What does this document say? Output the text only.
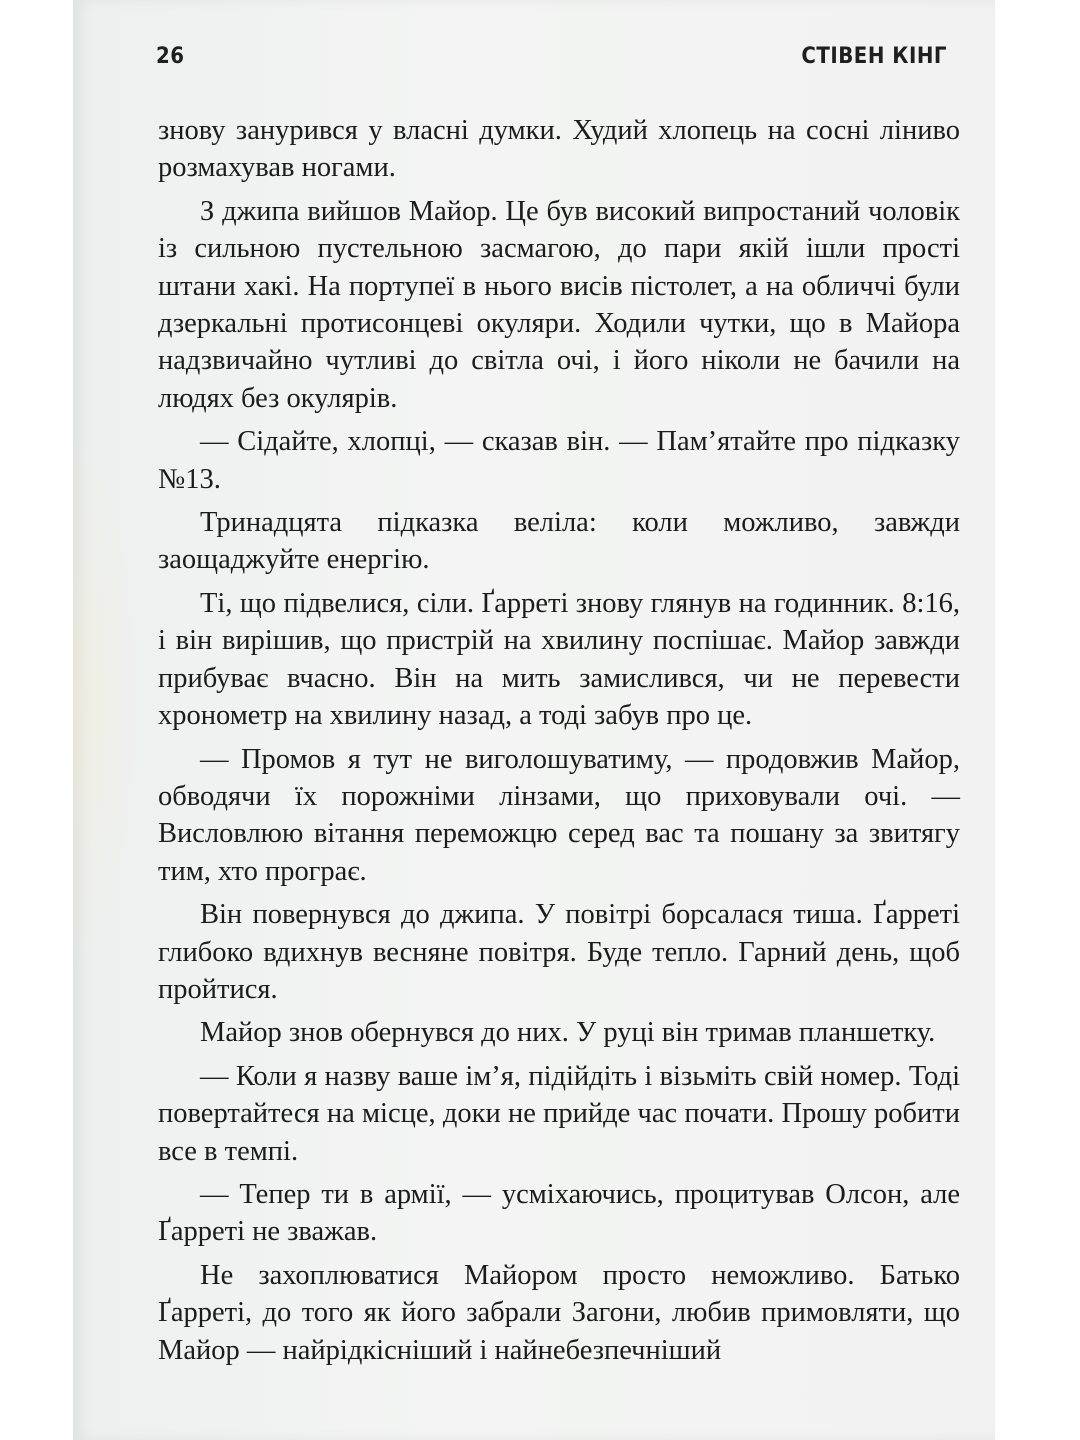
26	СТІВЕН КІНГ

знову занурився у власні думки. Худий хлопець на сосні ліниво розмахував ногами.

З джипа вийшов Майор. Це був високий випростаний чоловік із сильною пустельною засмагою, до пари якій ішли прості штани хакі. На портупеї в нього висів пістолет, а на обличчі були дзеркальні протисонцеві окуляри. Ходили чутки, що в Майора надзвичайно чутливі до світла очі, і його ніколи не бачили на людях без окулярів.

— Сідайте, хлопці, — сказав він. — Пам’ятайте про підказку №13.

Тринадцята підказка веліла: коли можливо, завжди заощаджуйте енергію.

Ті, що підвелися, сіли. Ґарреті знову глянув на годинник. 8:16, і він вирішив, що пристрій на хвилину поспішає. Майор завжди прибуває вчасно. Він на мить замислився, чи не перевести хронометр на хвилину назад, а тоді забув про це.

— Промов я тут не виголошуватиму, — продовжив Майор, обводячи їх порожніми лінзами, що приховували очі. — Висловлюю вітання переможцю серед вас та пошану за звитягу тим, хто програє.

Він повернувся до джипа. У повітрі борсалася тиша. Ґарреті глибоко вдихнув весняне повітря. Буде тепло. Гарний день, щоб пройтися.

Майор знов обернувся до них. У руці він тримав планшетку.

— Коли я назву ваше ім’я, підійдіть і візьміть свій номер. Тоді повертайтеся на місце, доки не прийде час почати. Прошу робити все в темпі.

— Тепер ти в армії, — усміхаючись, процитував Олсон, але Ґарреті не зважав.

Не захоплюватися Майором просто неможливо. Батько Ґарреті, до того як його забрали Загони, любив примовляти, що Майор — найрідкісніший і найнебезпечніший
